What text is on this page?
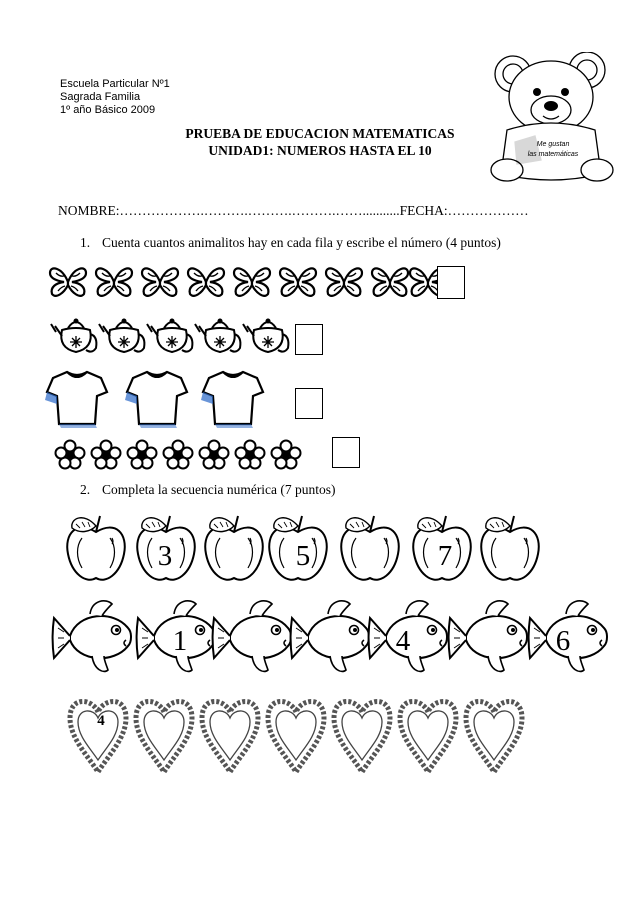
Escuela Particular Nº1
Sagrada Familia
1º año Básico 2009
PRUEBA DE EDUCACION MATEMATICAS
UNIDAD1: NUMEROS HASTA EL 10	Me gustan
las matemáticas
NOMBRE:……………….……….……….……….……...........FECHA:………………
1. Cuenta cuantos animalitos hay en cada fila y escribe el número (4 puntos)
2. Completa la secuencia numérica (7 puntos)
3	5	7
1	4	6
4
